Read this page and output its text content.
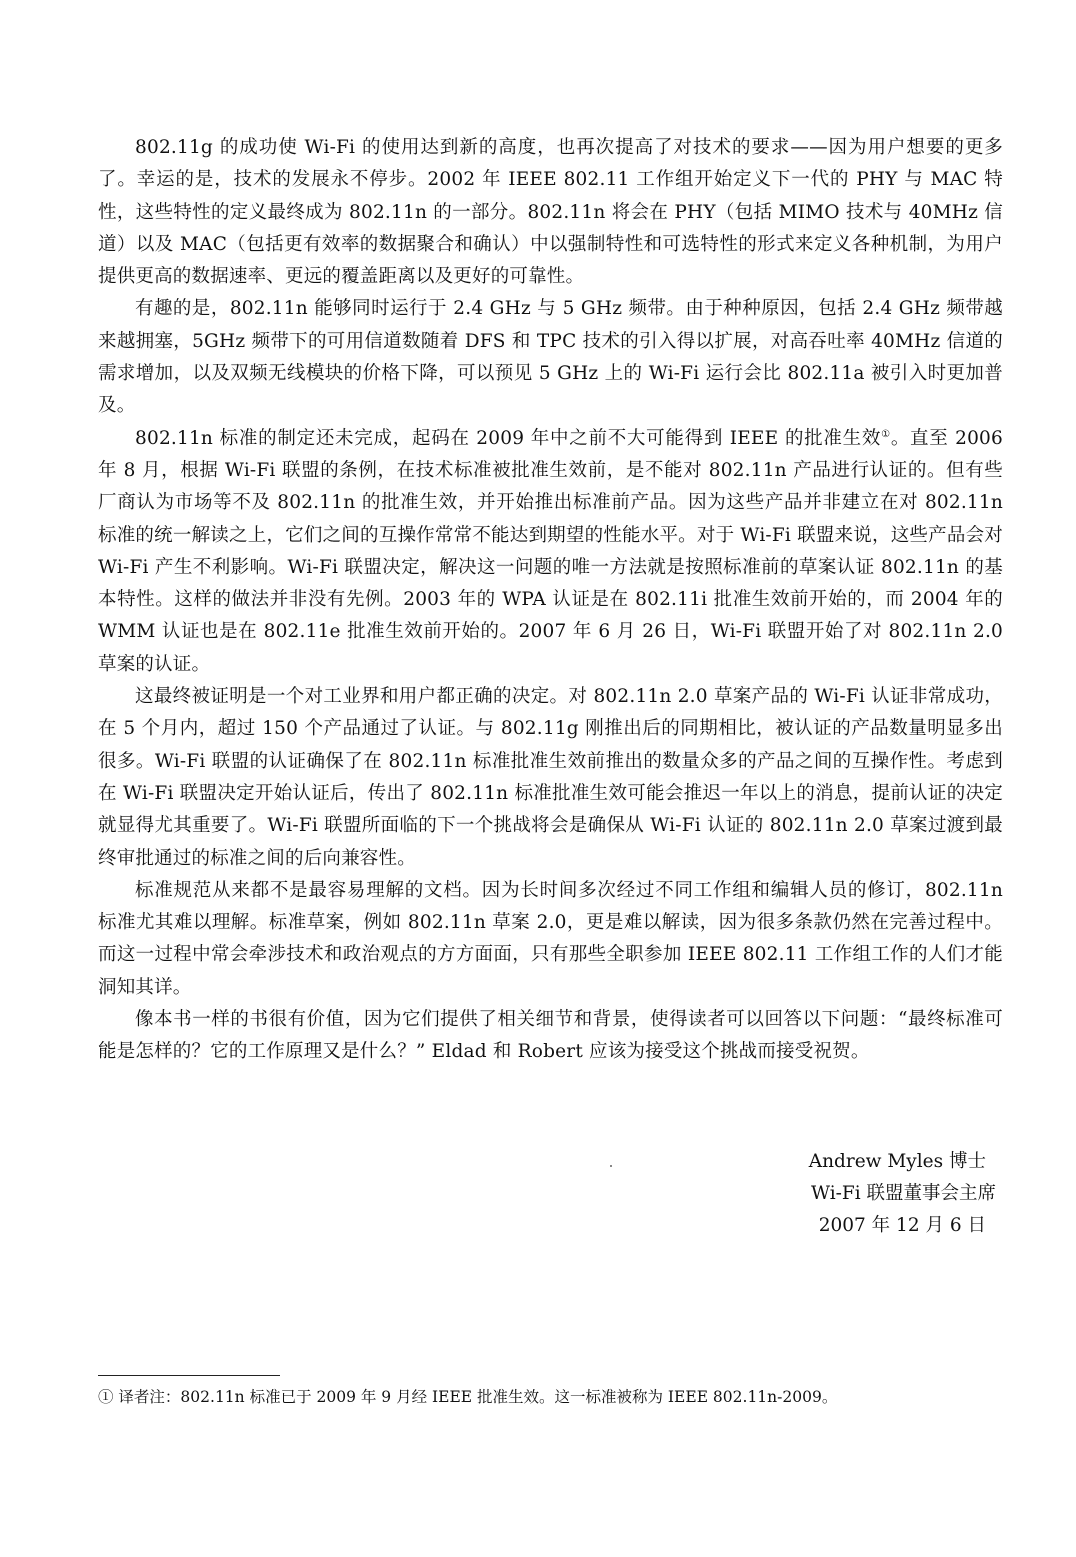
802.11g 的成功使 Wi-Fi 的使用达到新的高度，也再次提高了对技术的要求——因为用户想要的更多了。幸运的是，技术的发展永不停步。2002 年 IEEE 802.11 工作组开始定义下一代的 PHY 与 MAC 特性，这些特性的定义最终成为 802.11n 的一部分。802.11n 将会在 PHY（包括 MIMO 技术与 40MHz 信道）以及 MAC（包括更有效率的数据聚合和确认）中以强制特性和可选特性的形式来定义各种机制，为用户提供更高的数据速率、更远的覆盖距离以及更好的可靠性。

有趣的是，802.11n 能够同时运行于 2.4 GHz 与 5 GHz 频带。由于种种原因，包括 2.4 GHz 频带越来越拥塞，5GHz 频带下的可用信道数随着 DFS 和 TPC 技术的引入得以扩展，对高吞吐率 40MHz 信道的需求增加，以及双频无线模块的价格下降，可以预见 5 GHz 上的 Wi-Fi 运行会比 802.11a 被引入时更加普及。

802.11n 标准的制定还未完成，起码在 2009 年中之前不大可能得到 IEEE 的批准生效①。直至 2006 年 8 月，根据 Wi-Fi 联盟的条例，在技术标准被批准生效前，是不能对 802.11n 产品进行认证的。但有些厂商认为市场等不及 802.11n 的批准生效，并开始推出标准前产品。因为这些产品并非建立在对 802.11n 标准的统一解读之上，它们之间的互操作常常不能达到期望的性能水平。对于 Wi-Fi 联盟来说，这些产品会对 Wi-Fi 产生不利影响。Wi-Fi 联盟决定，解决这一问题的唯一方法就是按照标准前的草案认证 802.11n 的基本特性。这样的做法并非没有先例。2003 年的 WPA 认证是在 802.11i 批准生效前开始的，而 2004 年的 WMM 认证也是在 802.11e 批准生效前开始的。2007 年 6 月 26 日，Wi-Fi 联盟开始了对 802.11n 2.0 草案的认证。

这最终被证明是一个对工业界和用户都正确的决定。对 802.11n 2.0 草案产品的 Wi-Fi 认证非常成功，在 5 个月内，超过 150 个产品通过了认证。与 802.11g 刚推出后的同期相比，被认证的产品数量明显多出很多。Wi-Fi 联盟的认证确保了在 802.11n 标准批准生效前推出的数量众多的产品之间的互操作性。考虑到在 Wi-Fi 联盟决定开始认证后，传出了 802.11n 标准批准生效可能会推迟一年以上的消息，提前认证的决定就显得尤其重要了。Wi-Fi 联盟所面临的下一个挑战将会是确保从 Wi-Fi 认证的 802.11n 2.0 草案过渡到最终审批通过的标准之间的后向兼容性。

标准规范从来都不是最容易理解的文档。因为长时间多次经过不同工作组和编辑人员的修订，802.11n 标准尤其难以理解。标准草案，例如 802.11n 草案 2.0，更是难以解读，因为很多条款仍然在完善过程中。而这一过程中常会牵涉技术和政治观点的方方面面，只有那些全职参加 IEEE 802.11 工作组工作的人们才能洞知其详。

像本书一样的书很有价值，因为它们提供了相关细节和背景，使得读者可以回答以下问题：“最终标准可能是怎样的？它的工作原理又是什么？” Eldad 和 Robert 应该为接受这个挑战而接受祝贺。

Andrew Myles 博士
Wi-Fi 联盟董事会主席
2007 年 12 月 6 日
① 译者注：802.11n 标准已于 2009 年 9 月经 IEEE 批准生效。这一标准被称为 IEEE 802.11n-2009。
